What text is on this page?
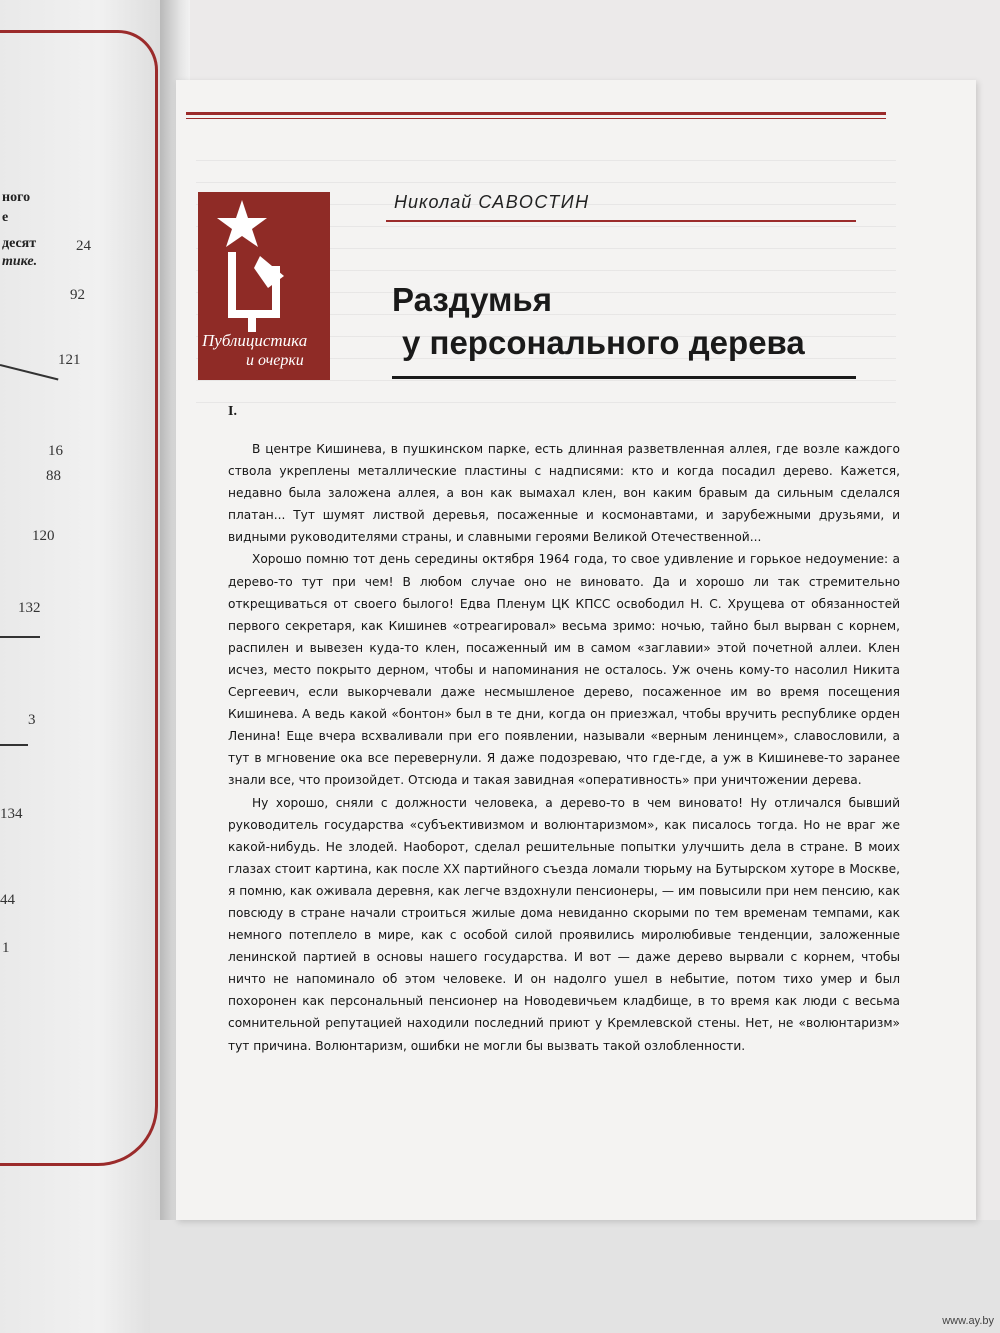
ного
е
десят
тике.
24
92
121
16
88
120
132
3
134
44
1
Публицистика
и очерки
Николай САВОСТИН
Раздумья
у персонального дерева
I.

В центре Кишинева, в пушкинском парке, есть длинная разветвленная аллея, где возле каждого ствола укреплены металлические пластины с надписями: кто и когда посадил дерево. Кажется, недавно была заложена аллея, а вон как вымахал клен, вон каким бравым да сильным сделался платан... Тут шумят листвой деревья, посаженные и космонавтами, и зарубежными друзьями, и видными руководителями страны, и славными героями Великой Отечественной...

Хорошо помню тот день середины октября 1964 года, то свое удивление и горькое недоумение: а дерево-то тут при чем! В любом случае оно не виновато. Да и хорошо ли так стремительно открещиваться от своего былого! Едва Пленум ЦК КПСС освободил Н. С. Хрущева от обязанностей первого секретаря, как Кишинев «отреагировал» весьма зримо: ночью, тайно был вырван с корнем, распилен и вывезен куда-то клен, посаженный им в самом «заглавии» этой почетной аллеи. Клен исчез, место покрыто дерном, чтобы и напоминания не осталось. Уж очень кому-то насолил Никита Сергеевич, если выкорчевали даже несмышленое дерево, посаженное им во время посещения Кишинева. А ведь какой «бонтон» был в те дни, когда он приезжал, чтобы вручить республике орден Ленина! Еще вчера всхваливали при его появлении, называли «верным ленинцем», славословили, а тут в мгновение ока все перевернули. Я даже подозреваю, что где-где, а уж в Кишиневе-то заранее знали все, что произойдет. Отсюда и такая завидная «оперативность» при уничтожении дерева.

Ну хорошо, сняли с должности человека, а дерево-то в чем виновато! Ну отличался бывший руководитель государства «субъективизмом и волюнтаризмом», как писалось тогда. Но не враг же какой-нибудь. Не злодей. Наоборот, сделал решительные попытки улучшить дела в стране. В моих глазах стоит картина, как после XX партийного съезда ломали тюрьму на Бутырском хуторе в Москве, я помню, как оживала деревня, как легче вздохнули пенсионеры, — им повысили при нем пенсию, как повсюду в стране начали строиться жилые дома невиданно скорыми по тем временам темпами, как немного потеплело в мире, как с особой силой проявились миролюбивые тенденции, заложенные ленинской партией в основы нашего государства. И вот — даже дерево вырвали с корнем, чтобы ничто не напоминало об этом человеке. И он надолго ушел в небытие, потом тихо умер и был похоронен как персональный пенсионер на Новодевичьем кладбище, в то время как люди с весьма сомнительной репутацией находили последний приют у Кремлевской стены. Нет, не «волюнтаризм» тут причина. Волюнтаризм, ошибки не могли бы вызвать такой озлобленности.

www.ay.by
